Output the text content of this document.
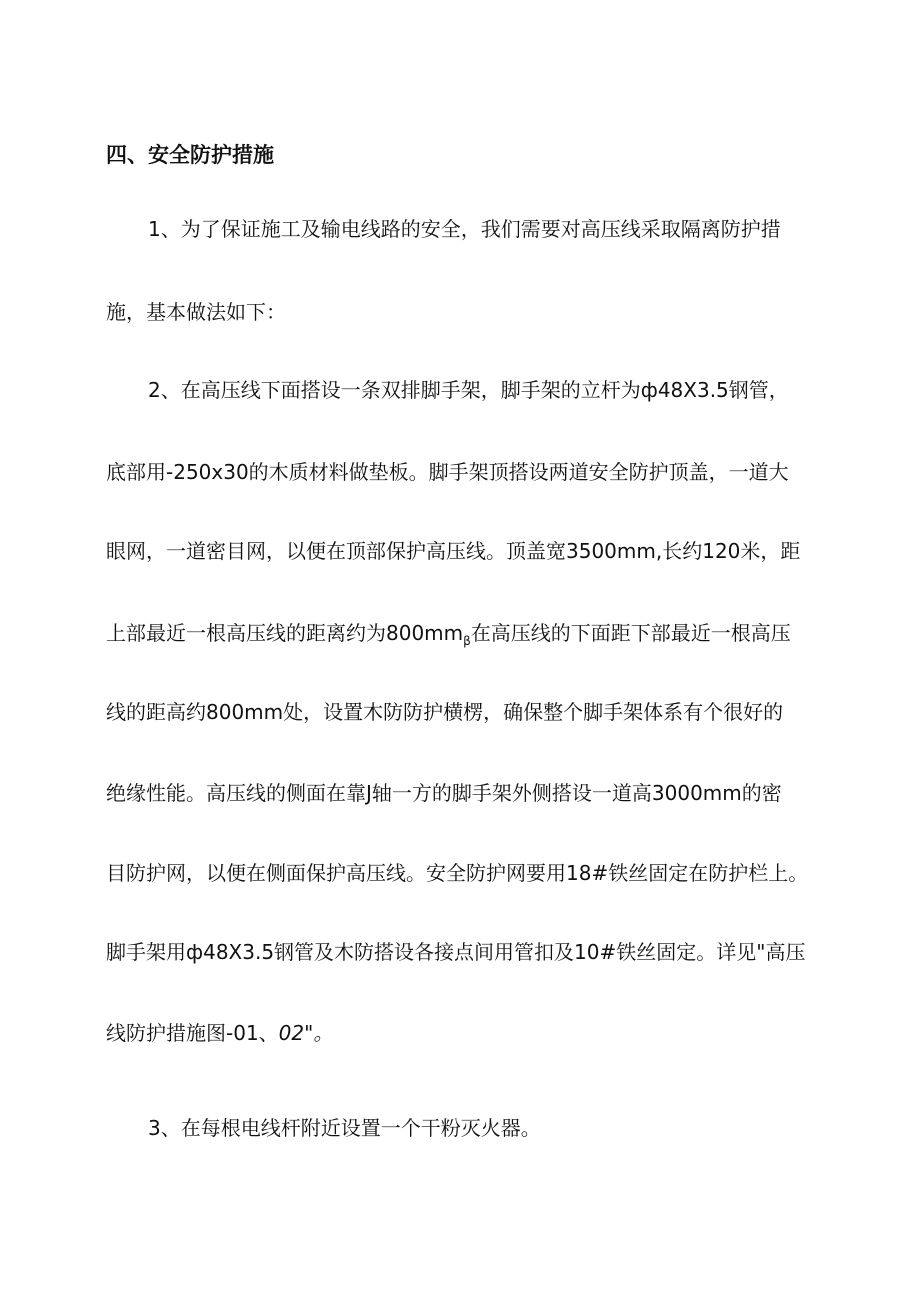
四、安全防护措施
1、为了保证施工及输电线路的安全，我们需要对高压线采取隔离防护措
施，基本做法如下：
2、在高压线下面搭设一条双排脚手架，脚手架的立杆为ф48X3.5钢管，
底部用-250x30的木质材料做垫板。脚手架顶搭设两道安全防护顶盖，一道大
眼网，一道密目网，以便在顶部保护高压线。顶盖宽3500mm,长约120米，距
上部最近一根高压线的距离约为$800mm_\beta$在高压线的下面距下部最近一根高压
线的距高约800mm处，设置木防防护横楞，确保整个脚手架体系有个很好的
绝缘性能。高压线的侧面在靠J轴一方的脚手架外侧搭设一道高3000mm的密
目防护网，以便在侧面保护高压线。安全防护网要用18#铁丝固定在防护栏上。
脚手架用ф48X3.5钢管及木防搭设各接点间用管扣及10#铁丝固定。详见"高压
线防护措施图-01、02"。
3、在每根电线杆附近设置一个干粉灭火器。
